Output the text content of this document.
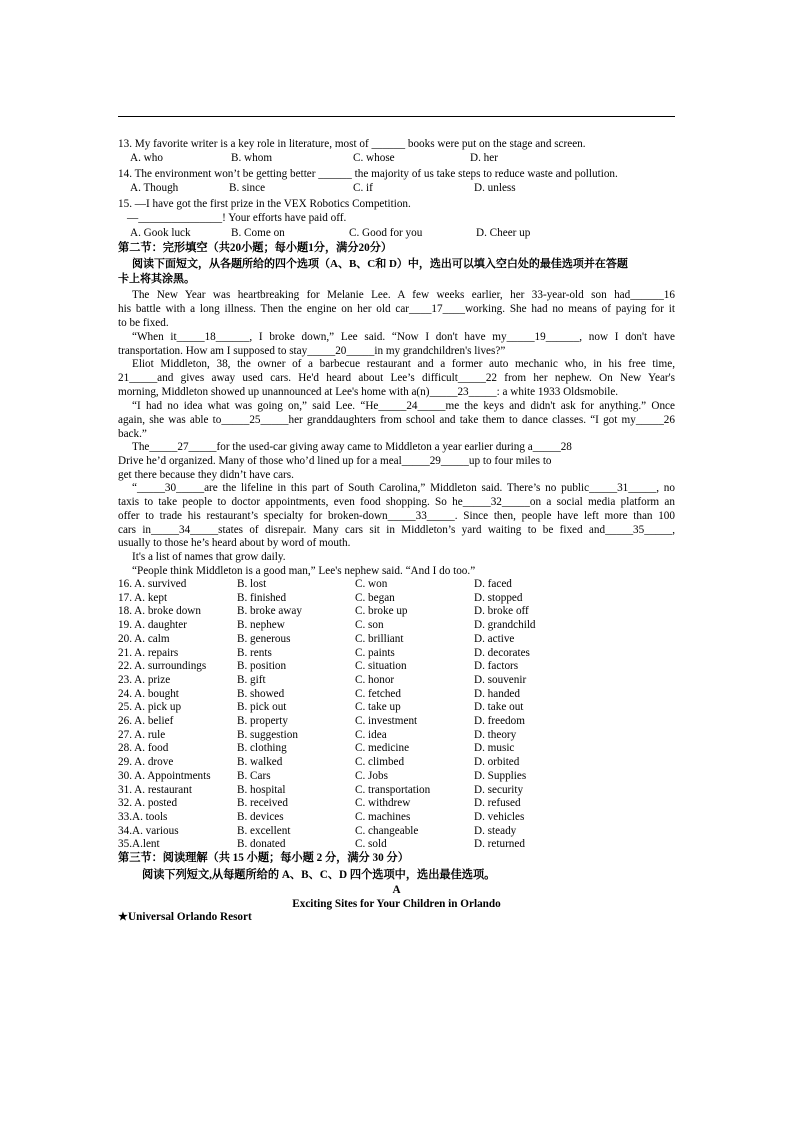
13. My favorite writer is a key role in literature, most of ______ books were put on the stage and screen.
A. who	B. whom	C. whose	D. her
14. The environment won’t be getting better ______ the majority of us take steps to reduce waste and pollution.
A. Though	B. since	C. if	D. unless
15. —I have got the first prize in the VEX Robotics Competition.
—_______________! Your efforts have paid off.
A. Gook luck	B. Come on	C. Good for you	D. Cheer up
第二节：完形填空（共20小题；每小题1分，满分20分）
阅读下面短文，从各题所给的四个选项（A、B、C和 D）中，选出可以填入空白处的最佳选项并在答题
卡上将其涂黑。
The New Year was heartbreaking for Melanie Lee. A few weeks earlier, her 33-year-old son had______16
his battle with a long illness. Then the engine on her old car____17____working. She had no means of paying for it
to be fixed.
“When it_____18______, I broke down,” Lee said. “Now I don't have my_____19______, now I don't have
transportation. How am I supposed to stay_____20_____in my grandchildren's lives?”
Eliot Middleton, 38, the owner of a barbecue restaurant and a former auto mechanic who, in his free time,
21_____and gives away used cars. He'd heard about Lee’s difficult_____22 from her nephew. On New Year's
morning, Middleton showed up unannounced at Lee's home with a(n)_____23_____: a white 1933 Oldsmobile.
“I had no idea what was going on,” said Lee. “He_____24_____me the keys and didn't ask for anything.” Once
again, she was able to_____25_____her granddaughters from school and take them to dance classes. “I got my_____26
back.”
The_____27_____for the used-car giving away came to Middleton a year earlier during a_____28
Drive he’d organized. Many of those who’d lined up for a meal_____29_____up to four miles to
get there because they didn’t have cars.
“_____30_____are the lifeline in this part of South Carolina,” Middleton said. There’s no public_____31_____, no
taxis to take people to doctor appointments, even food shopping. So he_____32_____on a social media platform an
offer to trade his restaurant’s specialty for broken-down_____33_____. Since then, people have left more than 100
cars in_____34_____states of disrepair. Many cars sit in Middleton’s yard waiting to be fixed and_____35_____,
usually to those he’s heard about by word of mouth.
It's a list of names that grow daily.
“People think Middleton is a good man,” Lee's nephew said. “And I do too.”
16. A. survived	B. lost	C. won	D. faced
17. A. kept	B. finished	C. began	D. stopped
18. A. broke down	B. broke away	C. broke up	D. broke off
19. A. daughter	B. nephew	C. son	D. grandchild
20. A. calm	B. generous	C. brilliant	D. active
21. A. repairs	B. rents	C. paints	D. decorates
22. A. surroundings	B. position	C. situation	D. factors
23. A. prize	B. gift	C. honor	D. souvenir
24. A. bought	B. showed	C. fetched	D. handed
25. A. pick up	B. pick out	C. take up	D. take out
26. A. belief	B. property	C. investment	D. freedom
27. A. rule	B. suggestion	C. idea	D. theory
28. A. food	B. clothing	C. medicine	D. music
29. A. drove	B. walked	C. climbed	D. orbited
30. A. Appointments B. Cars	C. Jobs	D. Supplies
31. A. restaurant	B. hospital	C. transportation	D. security
32. A. posted	B. received	C. withdrew	D. refused
33.A. tools	B. devices	C. machines	D. vehicles
34.A. various	B. excellent	C. changeable	D. steady
35.A.lent	B. donated	C. sold	D. returned
第三节：阅读理解（共 15 小题；每小题 2 分，满分 30 分）
阅读下列短文,从每题所给的 A、B、C、D 四个选项中，选出最佳选项。
A
Exciting Sites for Your Children in Orlando
★Universal Orlando Resort
